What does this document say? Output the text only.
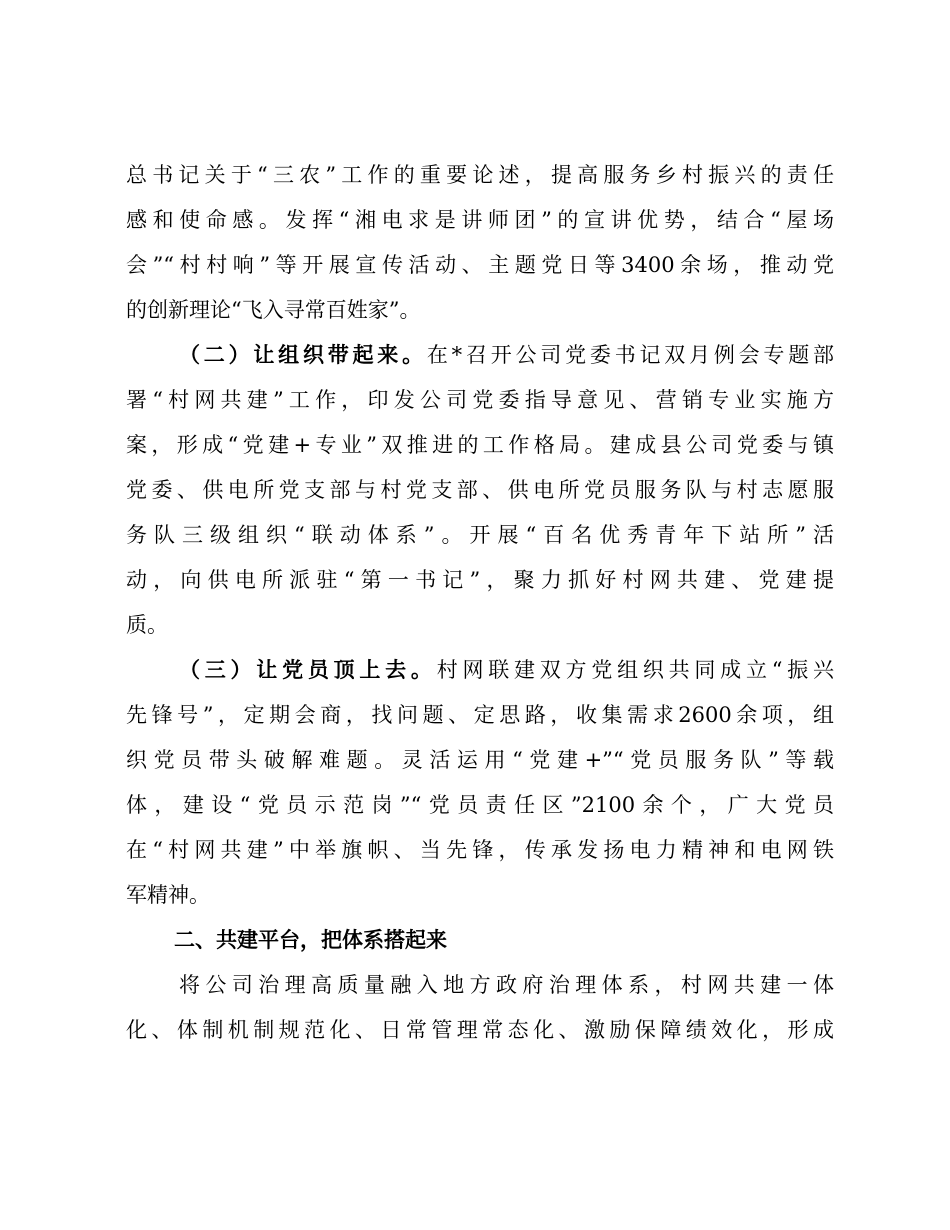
总书记关于“三农”工作的重要论述，提高服务乡村振兴的责任
感和使命感。发挥“湘电求是讲师团”的宣讲优势，结合“屋场
会”“村村响”等开展宣传活动、主题党日等3400余场，推动党
的创新理论“飞入寻常百姓家”。
（二）让组织带起来。在*召开公司党委书记双月例会专题部
署“村网共建”工作，印发公司党委指导意见、营销专业实施方
案，形成“党建+专业”双推进的工作格局。建成县公司党委与镇
党委、供电所党支部与村党支部、供电所党员服务队与村志愿服
务队三级组织“联动体系”。开展“百名优秀青年下站所”活
动，向供电所派驻“第一书记”，聚力抓好村网共建、党建提
质。
（三）让党员顶上去。村网联建双方党组织共同成立“振兴
先锋号”，定期会商，找问题、定思路，收集需求2600余项，组
织党员带头破解难题。灵活运用“党建+”“党员服务队”等载
体，建设“党员示范岗”“党员责任区”2100余个，广大党员
在“村网共建”中举旗帜、当先锋，传承发扬电力精神和电网铁
军精神。
二、共建平台，把体系搭起来
将公司治理高质量融入地方政府治理体系，村网共建一体
化、体制机制规范化、日常管理常态化、激励保障绩效化，形成
